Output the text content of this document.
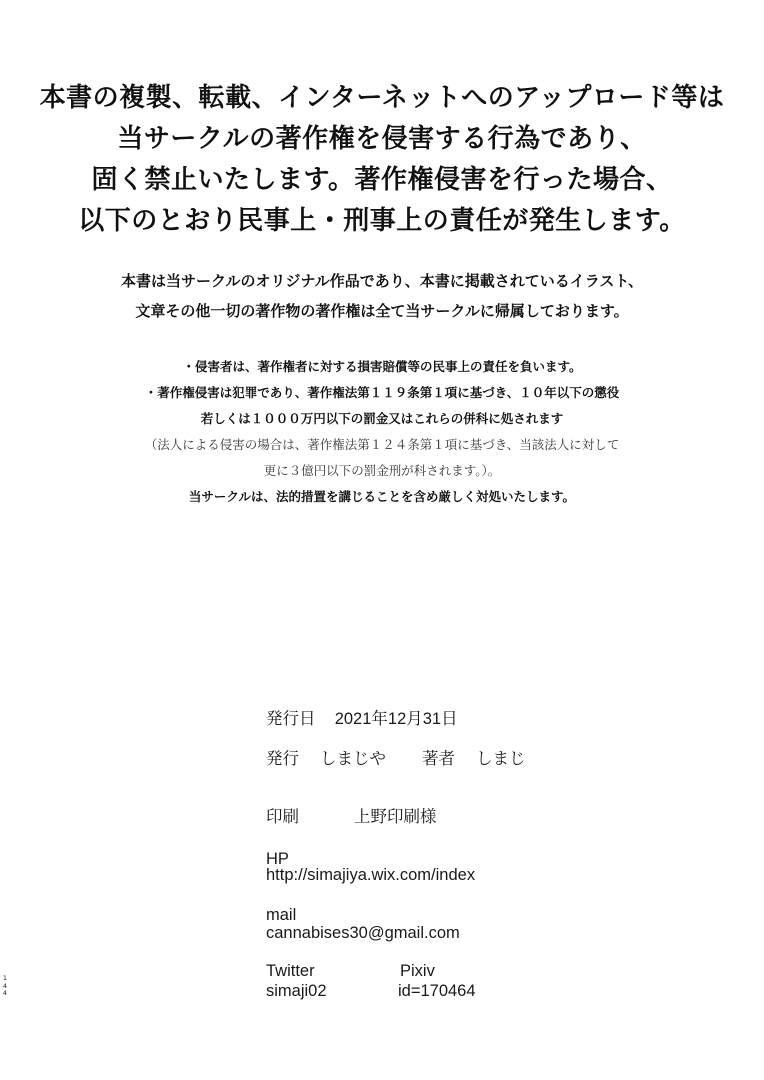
本書の複製、転載、インターネットへのアップロード等は
当サークルの著作権を侵害する行為であり、
固く禁止いたします。著作権侵害を行った場合、
以下のとおり民事上・刑事上の責任が発生します。
本書は当サークルのオリジナル作品であり、本書に掲載されているイラスト、
文章その他一切の著作物の著作権は全て当サークルに帰属しております。
・侵害者は、著作権者に対する損害賠償等の民事上の責任を負います。
・著作権侵害は犯罪であり、著作権法第１１９条第１項に基づき、１０年以下の懲役
若しくは１０００万円以下の罰金又はこれらの併科に処されます
（法人による侵害の場合は、著作権法第１２４条第１項に基づき、当該法人に対して
更に３億円以下の罰金刑が科されます。）。
当サークルは、法的措置を講じることを含め厳しく対処いたします。
発行日 2021年12月31日
発行 しまじや 著者 しまじ
印刷	上野印刷様
HP
http://simajiya.wix.com/index
mail
cannabises30@gmail.com
Twitter	Pixiv
simaji02	id=170464
1
4
4
